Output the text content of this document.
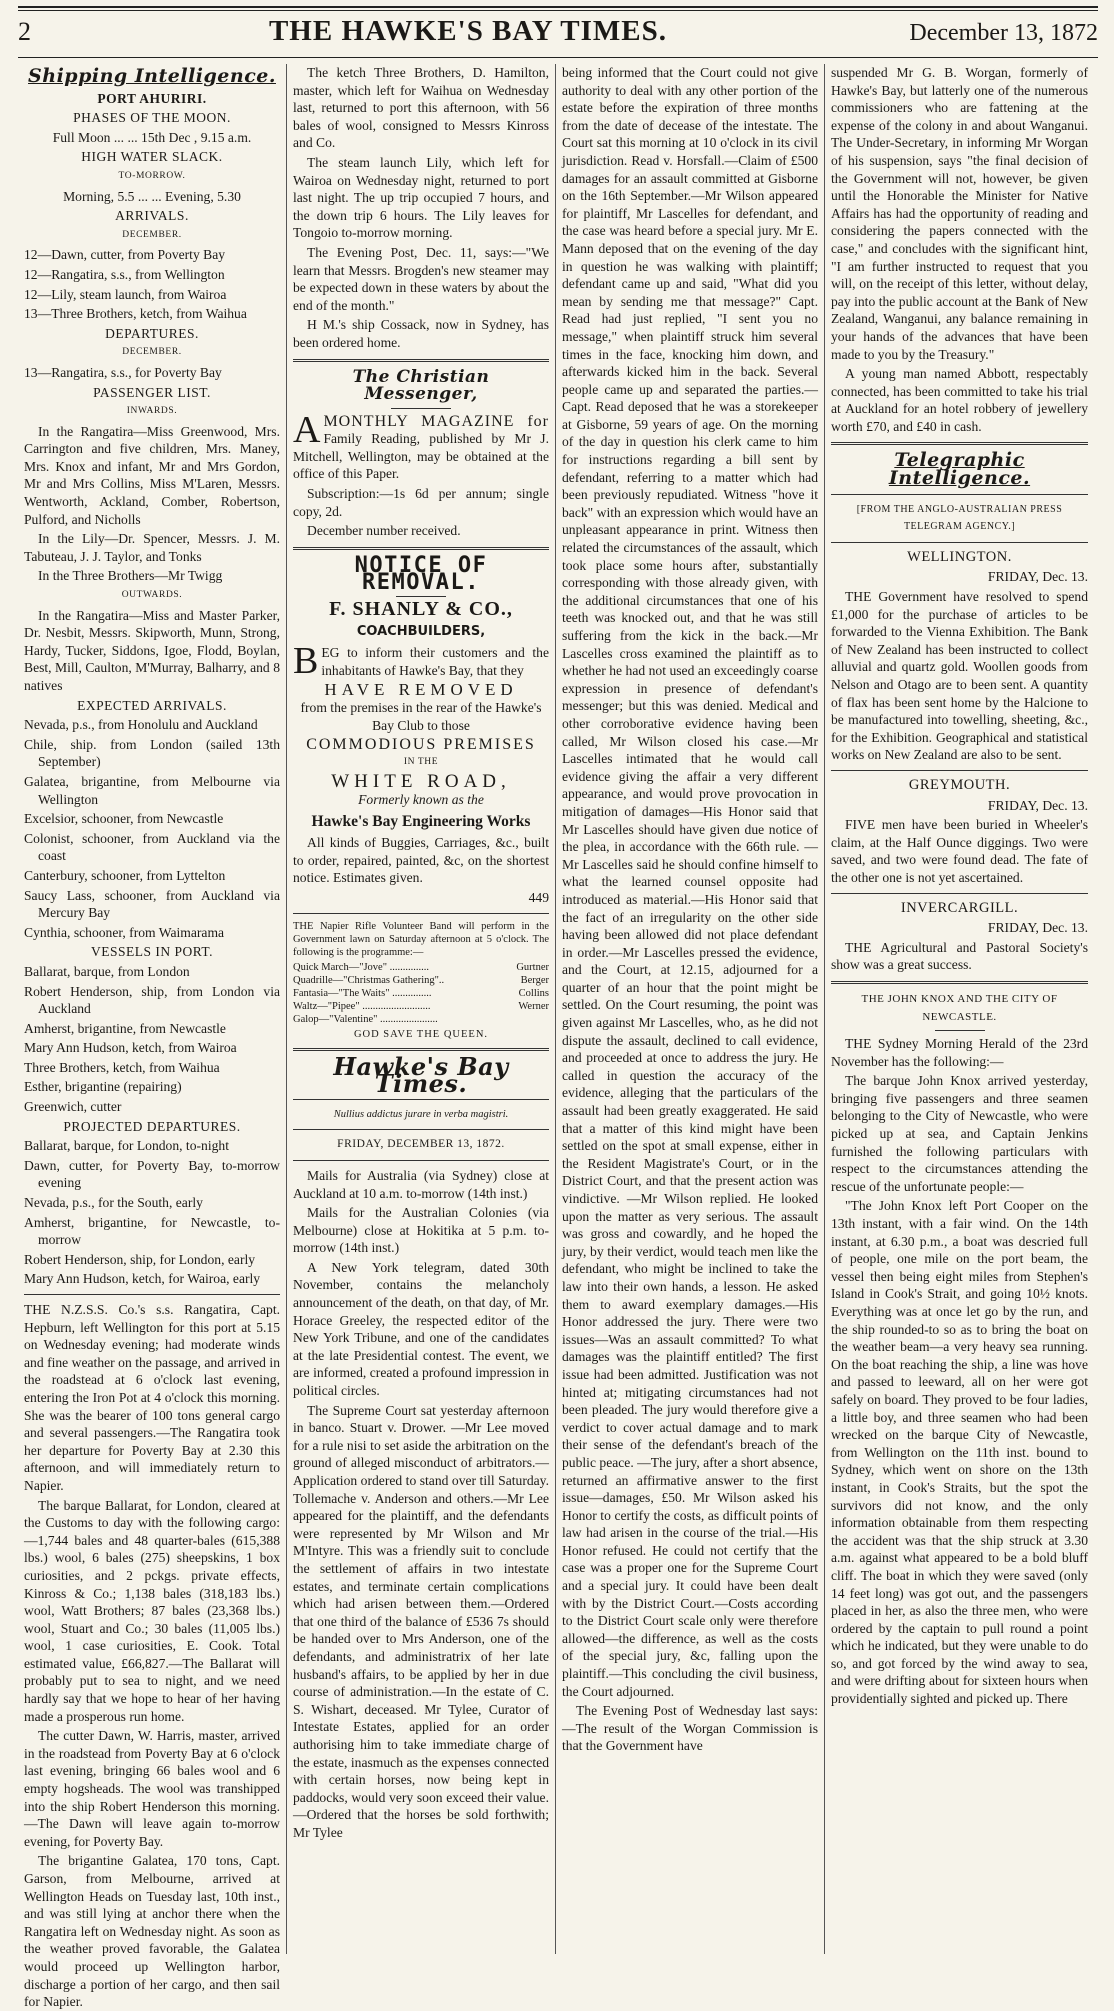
2	THE HAWKE'S BAY TIMES.	December 13, 1872
Shipping Intelligence.
PORT AHURIRI.
PHASES OF THE MOON.

Full Moon ... ... 15th Dec , 9.15 a.m.

HIGH WATER SLACK.
TO-MORROW.

Morning, 5.5 ... ... Evening, 5.30

ARRIVALS.
DECEMBER.

12—Dawn, cutter, from Poverty Bay

12—Rangatira, s.s., from Wellington

12—Lily, steam launch, from Wairoa

13—Three Brothers, ketch, from Waihua

DEPARTURES.
DECEMBER.

13—Rangatira, s.s., for Poverty Bay

PASSENGER LIST.
INWARDS.

In the Rangatira—Miss Greenwood, Mrs. Carrington and five children, Mrs. Maney, Mrs. Knox and infant, Mr and Mrs Gordon, Mr and Mrs Collins, Miss M'Laren, Messrs. Wentworth, Ackland, Comber, Robertson, Pulford, and Nicholls

In the Lily—Dr. Spencer, Messrs. J. M. Tabuteau, J. J. Taylor, and Tonks

In the Three Brothers—Mr Twigg

OUTWARDS.

In the Rangatira—Miss and Master Parker, Dr. Nesbit, Messrs. Skipworth, Munn, Strong, Hardy, Tucker, Siddons, Igoe, Flodd, Boylan, Best, Mill, Caulton, M'Murray, Balharry, and 8 natives

EXPECTED ARRIVALS.

Nevada, p.s., from Honolulu and Auckland

Chile, ship. from London (sailed 13th September)

Galatea, brigantine, from Melbourne via Wellington

Excelsior, schooner, from Newcastle

Colonist, schooner, from Auckland via the coast

Canterbury, schooner, from Lyttelton

Saucy Lass, schooner, from Auckland via Mercury Bay

Cynthia, schooner, from Waimarama

VESSELS IN PORT.

Ballarat, barque, from London

Robert Henderson, ship, from London via Auckland

Amherst, brigantine, from Newcastle

Mary Ann Hudson, ketch, from Wairoa

Three Brothers, ketch, from Waihua

Esther, brigantine (repairing)

Greenwich, cutter

PROJECTED DEPARTURES.

Ballarat, barque, for London, to-night

Dawn, cutter, for Poverty Bay, to-morrow evening

Nevada, p.s., for the South, early

Amherst, brigantine, for Newcastle, to-morrow

Robert Henderson, ship, for London, early

Mary Ann Hudson, ketch, for Wairoa, early

THE N.Z.S.S. Co.'s s.s. Rangatira, Capt. Hepburn, left Wellington for this port at 5.15 on Wednesday evening; had moderate winds and fine weather on the passage, and arrived in the roadstead at 6 o'clock last evening, entering the Iron Pot at 4 o'clock this morning. She was the bearer of 100 tons general cargo and several passengers.—The Rangatira took her departure for Poverty Bay at 2.30 this afternoon, and will immediately return to Napier.

The barque Ballarat, for London, cleared at the Customs to day with the following cargo:—1,744 bales and 48 quarter-bales (615,388 lbs.) wool, 6 bales (275) sheepskins, 1 box curiosities, and 2 pckgs. private effects, Kinross & Co.; 1,138 bales (318,183 lbs.) wool, Watt Brothers; 87 bales (23,368 lbs.) wool, Stuart and Co.; 30 bales (11,005 lbs.) wool, 1 case curiosities, E. Cook. Total estimated value, £66,827.—The Ballarat will probably put to sea to night, and we need hardly say that we hope to hear of her having made a prosperous run home.

The cutter Dawn, W. Harris, master, arrived in the roadstead from Poverty Bay at 6 o'clock last evening, bringing 66 bales wool and 6 empty hogsheads. The wool was transhipped into the ship Robert Henderson this morning.—The Dawn will leave again to-morrow evening, for Poverty Bay.

The brigantine Galatea, 170 tons, Capt. Garson, from Melbourne, arrived at Wellington Heads on Tuesday last, 10th inst., and was still lying at anchor there when the Rangatira left on Wednesday night. As soon as the weather proved favorable, the Galatea would proceed up Wellington harbor, discharge a portion of her cargo, and then sail for Napier.

The ketch Three Brothers, D. Hamilton, master, which left for Waihua on Wednesday last, returned to port this afternoon, with 56 bales of wool, consigned to Messrs Kinross and Co.

The steam launch Lily, which left for Wairoa on Wednesday night, returned to port last night. The up trip occupied 7 hours, and the down trip 6 hours. The Lily leaves for Tongoio to-morrow morning.

The Evening Post, Dec. 11, says:—"We learn that Messrs. Brogden's new steamer may be expected down in these waters by about the end of the month."

H M.'s ship Cossack, now in Sydney, has been ordered home.

The Christian Messenger,

AMONTHLY MAGAZINE for Family Reading, published by Mr J. Mitchell, Wellington, may be obtained at the office of this Paper.

Subscription:—1s 6d per annum; single copy, 2d.

December number received.

NOTICE OF REMOVAL.
F. SHANLY & CO.,
COACHBUILDERS,

BEG to inform their customers and the inhabitants of Hawke's Bay, that they

HAVE REMOVED

from the premises in the rear of the Hawke's Bay Club to those

COMMODIOUS PREMISES
IN THE
WHITE ROAD,
Formerly known as the
Hawke's Bay Engineering Works

All kinds of Buggies, Carriages, &c., built to order, repaired, painted, &c, on the shortest notice. Estimates given.

449

THE Napier Rifle Volunteer Band will perform in the Government lawn on Saturday afternoon at 5 o'clock. The following is the programme:—

Quick March—"Jove" ...............	Gurtner
Quadrille—"Christmas Gathering"..	Berger
Fantasia—"The Waits" ...............	Collins
Waltz—"Pipee" ..........................	Werner
Galop—"Valentine" ......................
GOD SAVE THE QUEEN.
Hawke's Bay Times.
Nullius addictus jurare in verba magistri.
FRIDAY, DECEMBER 13, 1872.

Mails for Australia (via Sydney) close at Auckland at 10 a.m. to-morrow (14th inst.)

Mails for the Australian Colonies (via Melbourne) close at Hokitika at 5 p.m. to-morrow (14th inst.)

A New York telegram, dated 30th November, contains the melancholy announcement of the death, on that day, of Mr. Horace Greeley, the respected editor of the New York Tribune, and one of the candidates at the late Presidential contest. The event, we are informed, created a profound impression in political circles.

The Supreme Court sat yesterday afternoon in banco. Stuart v. Drower. —Mr Lee moved for a rule nisi to set aside the arbitration on the ground of alleged misconduct of arbitrators.—Application ordered to stand over till Saturday. Tollemache v. Anderson and others.—Mr Lee appeared for the plaintiff, and the defendants were represented by Mr Wilson and Mr M'Intyre. This was a friendly suit to conclude the settlement of affairs in two intestate estates, and terminate certain complications which had arisen between them.—Ordered that one third of the balance of £536 7s should be handed over to Mrs Anderson, one of the defendants, and administratrix of her late husband's affairs, to be applied by her in due course of administration.—In the estate of C. S. Wishart, deceased. Mr Tylee, Curator of Intestate Estates, applied for an order authorising him to take immediate charge of the estate, inasmuch as the expenses connected with certain horses, now being kept in paddocks, would very soon exceed their value.—Ordered that the horses be sold forthwith; Mr Tylee

being informed that the Court could not give authority to deal with any other portion of the estate before the expiration of three months from the date of decease of the intestate. The Court sat this morning at 10 o'clock in its civil jurisdiction. Read v. Horsfall.—Claim of £500 damages for an assault committed at Gisborne on the 16th September.—Mr Wilson appeared for plaintiff, Mr Lascelles for defendant, and the case was heard before a special jury. Mr E. Mann deposed that on the evening of the day in question he was walking with plaintiff; defendant came up and said, "What did you mean by sending me that message?" Capt. Read had just replied, "I sent you no message," when plaintiff struck him several times in the face, knocking him down, and afterwards kicked him in the back. Several people came up and separated the parties.—Capt. Read deposed that he was a storekeeper at Gisborne, 59 years of age. On the morning of the day in question his clerk came to him for instructions regarding a bill sent by defendant, referring to a matter which had been previously repudiated. Witness "hove it back" with an expression which would have an unpleasant appearance in print. Witness then related the circumstances of the assault, which took place some hours after, substantially corresponding with those already given, with the additional circumstances that one of his teeth was knocked out, and that he was still suffering from the kick in the back.—Mr Lascelles cross examined the plaintiff as to whether he had not used an exceedingly coarse expression in presence of defendant's messenger; but this was denied. Medical and other corroborative evidence having been called, Mr Wilson closed his case.—Mr Lascelles intimated that he would call evidence giving the affair a very different appearance, and would prove provocation in mitigation of damages—His Honor said that Mr Lascelles should have given due notice of the plea, in accordance with the 66th rule. —Mr Lascelles said he should confine himself to what the learned counsel opposite had introduced as material.—His Honor said that the fact of an irregularity on the other side having been allowed did not place defendant in order.—Mr Lascelles pressed the evidence, and the Court, at 12.15, adjourned for a quarter of an hour that the point might be settled. On the Court resuming, the point was given against Mr Lascelles, who, as he did not dispute the assault, declined to call evidence, and proceeded at once to address the jury. He called in question the accuracy of the evidence, alleging that the particulars of the assault had been greatly exaggerated. He said that a matter of this kind might have been settled on the spot at small expense, either in the Resident Magistrate's Court, or in the District Court, and that the present action was vindictive. —Mr Wilson replied. He looked upon the matter as very serious. The assault was gross and cowardly, and he hoped the jury, by their verdict, would teach men like the defendant, who might be inclined to take the law into their own hands, a lesson. He asked them to award exemplary damages.—His Honor addressed the jury. There were two issues—Was an assault committed? To what damages was the plaintiff entitled? The first issue had been admitted. Justification was not hinted at; mitigating circumstances had not been pleaded. The jury would therefore give a verdict to cover actual damage and to mark their sense of the defendant's breach of the public peace. —The jury, after a short absence, returned an affirmative answer to the first issue—damages, £50. Mr Wilson asked his Honor to certify the costs, as difficult points of law had arisen in the course of the trial.—His Honor refused. He could not certify that the case was a proper one for the Supreme Court and a special jury. It could have been dealt with by the District Court.—Costs according to the District Court scale only were therefore allowed—the difference, as well as the costs of the special jury, &c, falling upon the plaintiff.—This concluding the civil business, the Court adjourned.

The Evening Post of Wednesday last says:—The result of the Worgan Commission is that the Government have

suspended Mr G. B. Worgan, formerly of Hawke's Bay, but latterly one of the numerous commissioners who are fattening at the expense of the colony in and about Wanganui. The Under-Secretary, in informing Mr Worgan of his suspension, says "the final decision of the Government will not, however, be given until the Honorable the Minister for Native Affairs has had the opportunity of reading and considering the papers connected with the case," and concludes with the significant hint, "I am further instructed to request that you will, on the receipt of this letter, without delay, pay into the public account at the Bank of New Zealand, Wanganui, any balance remaining in your hands of the advances that have been made to you by the Treasury."

A young man named Abbott, respectably connected, has been committed to take his trial at Auckland for an hotel robbery of jewellery worth £70, and £40 in cash.

Telegraphic Intelligence.
[FROM THE ANGLO-AUSTRALIAN PRESS TELEGRAM AGENCY.]
WELLINGTON.

FRIDAY, Dec. 13.

THE Government have resolved to spend £1,000 for the purchase of articles to be forwarded to the Vienna Exhibition. The Bank of New Zealand has been instructed to collect alluvial and quartz gold. Woollen goods from Nelson and Otago are to been sent. A quantity of flax has been sent home by the Halcione to be manufactured into towelling, sheeting, &c., for the Exhibition. Geographical and statistical works on New Zealand are also to be sent.

GREYMOUTH.

FRIDAY, Dec. 13.

FIVE men have been buried in Wheeler's claim, at the Half Ounce diggings. Two were saved, and two were found dead. The fate of the other one is not yet ascertained.

INVERCARGILL.

FRIDAY, Dec. 13.

THE Agricultural and Pastoral Society's show was a great success.

THE JOHN KNOX AND THE CITY OF NEWCASTLE.

THE Sydney Morning Herald of the 23rd November has the following:—

The barque John Knox arrived yesterday, bringing five passengers and three seamen belonging to the City of Newcastle, who were picked up at sea, and Captain Jenkins furnished the following particulars with respect to the circumstances attending the rescue of the unfortunate people:—

"The John Knox left Port Cooper on the 13th instant, with a fair wind. On the 14th instant, at 6.30 p.m., a boat was descried full of people, one mile on the port beam, the vessel then being eight miles from Stephen's Island in Cook's Strait, and going 10½ knots. Everything was at once let go by the run, and the ship rounded-to so as to bring the boat on the weather beam—a very heavy sea running. On the boat reaching the ship, a line was hove and passed to leeward, all on her were got safely on board. They proved to be four ladies, a little boy, and three seamen who had been wrecked on the barque City of Newcastle, from Wellington on the 11th inst. bound to Sydney, which went on shore on the 13th instant, in Cook's Straits, but the spot the survivors did not know, and the only information obtainable from them respecting the accident was that the ship struck at 3.30 a.m. against what appeared to be a bold bluff cliff. The boat in which they were saved (only 14 feet long) was got out, and the passengers placed in her, as also the three men, who were ordered by the captain to pull round a point which he indicated, but they were unable to do so, and got forced by the wind away to sea, and were drifting about for sixteen hours when providentially sighted and picked up. There
